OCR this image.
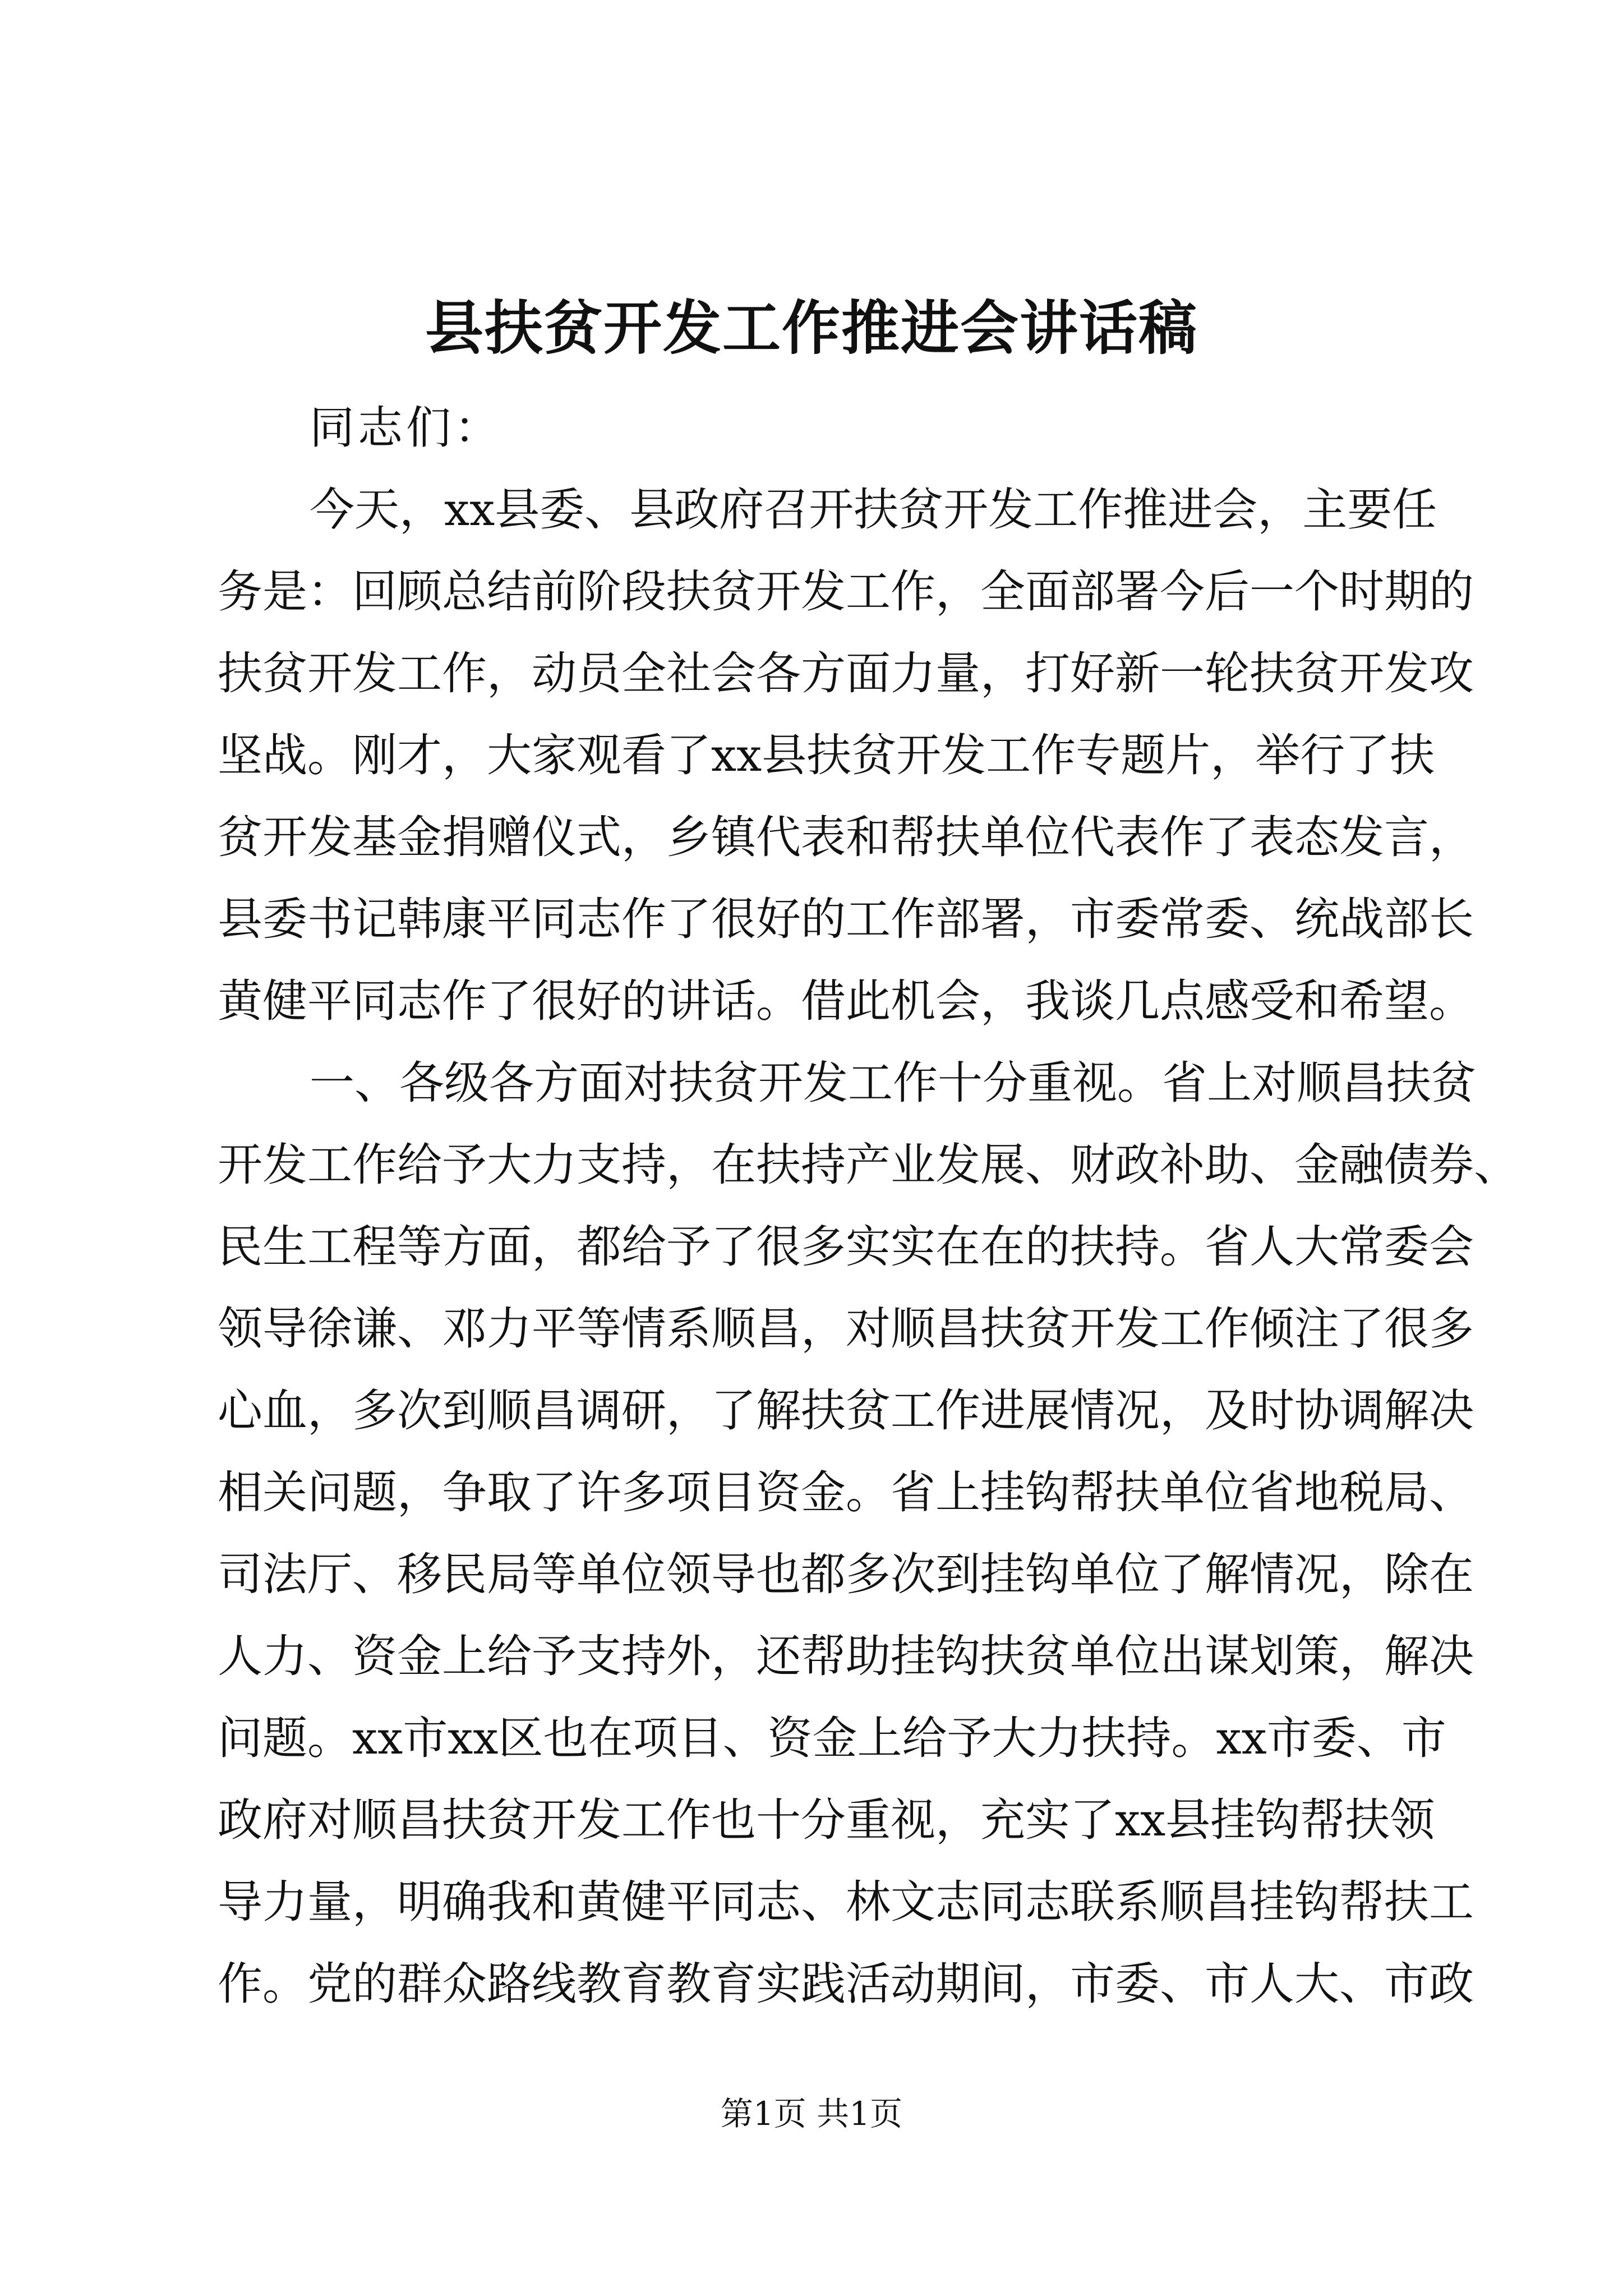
县扶贫开发工作推进会讲话稿
同志们：
今天，xx县委、县政府召开扶贫开发工作推进会，主要任
务是：回顾总结前阶段扶贫开发工作，全面部署今后一个时期的
扶贫开发工作，动员全社会各方面力量，打好新一轮扶贫开发攻
坚战。刚才，大家观看了xx县扶贫开发工作专题片，举行了扶
贫开发基金捐赠仪式，乡镇代表和帮扶单位代表作了表态发言，
县委书记韩康平同志作了很好的工作部署，市委常委、统战部长
黄健平同志作了很好的讲话。借此机会，我谈几点感受和希望。
一、各级各方面对扶贫开发工作十分重视。省上对顺昌扶贫
开发工作给予大力支持，在扶持产业发展、财政补助、金融债券、
民生工程等方面，都给予了很多实实在在的扶持。省人大常委会
领导徐谦、邓力平等情系顺昌，对顺昌扶贫开发工作倾注了很多
心血，多次到顺昌调研，了解扶贫工作进展情况，及时协调解决
相关问题，争取了许多项目资金。省上挂钩帮扶单位省地税局、
司法厅、移民局等单位领导也都多次到挂钩单位了解情况，除在
人力、资金上给予支持外，还帮助挂钩扶贫单位出谋划策，解决
问题。xx市xx区也在项目、资金上给予大力扶持。xx市委、市
政府对顺昌扶贫开发工作也十分重视，充实了xx县挂钩帮扶领
导力量，明确我和黄健平同志、林文志同志联系顺昌挂钩帮扶工
作。党的群众路线教育教育实践活动期间，市委、市人大、市政
第1页 共1页
